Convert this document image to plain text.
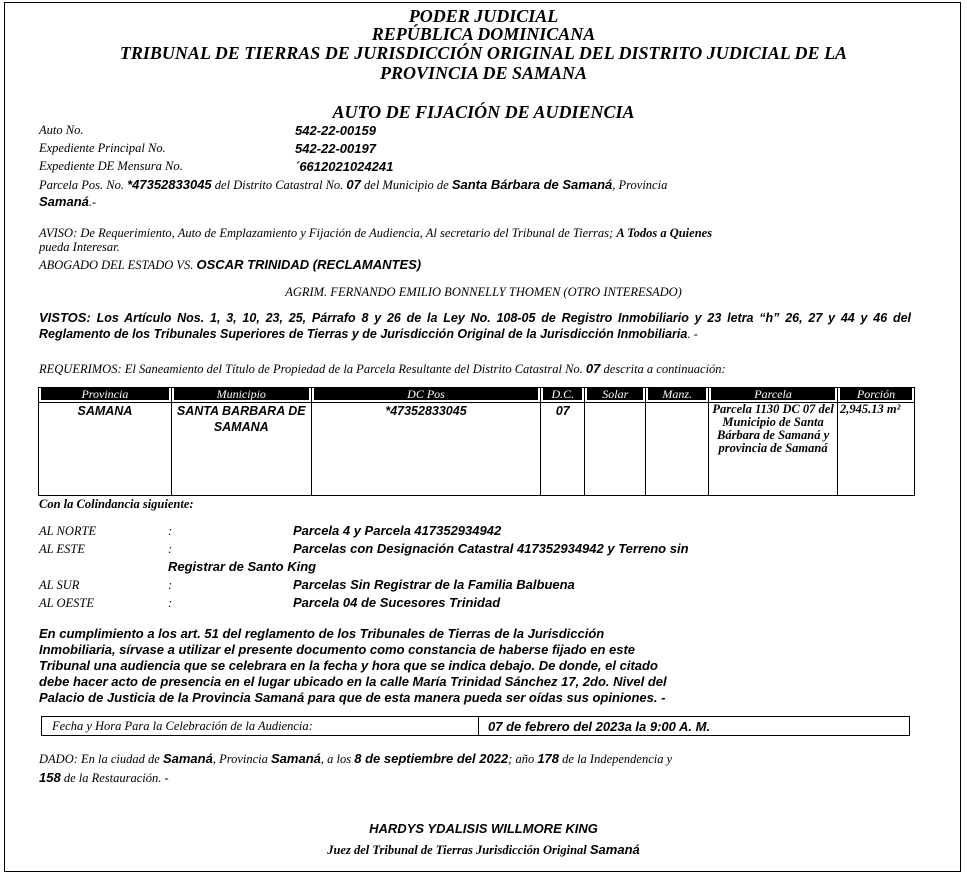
PODER JUDICIAL
REPÚBLICA DOMINICANA
TRIBUNAL DE TIERRAS DE JURISDICCIÓN ORIGINAL DEL DISTRITO JUDICIAL DE LA
PROVINCIA DE SAMANA
AUTO DE FIJACIÓN DE AUDIENCIA
Auto No.	542-22-00159
Expediente Principal No.	542-22-00197
Expediente DE Mensura No.	´6612021024241
Parcela Pos. No. *47352833045 del Distrito Catastral No. 07 del Municipio de Santa Bárbara de Samaná, Provincia
Samaná.-
AVISO: De Requerimiento, Auto de Emplazamiento y Fijación de Audiencia, Al secretario del Tribunal de Tierras; A Todos a Quienes
pueda Interesar.
ABOGADO DEL ESTADO VS. OSCAR TRINIDAD (RECLAMANTES)
AGRIM. FERNANDO EMILIO BONNELLY THOMEN (OTRO INTERESADO)
VISTOS: Los Artículo Nos. 1, 3, 10, 23, 25, Párrafo 8 y 26 de la Ley No. 108-05 de Registro Inmobiliario y 23 letra “h” 26, 27 y 44 y 46 del Reglamento de los Tribunales Superiores de Tierras y de Jurisdicción Original de la Jurisdicción Inmobiliaria. -
REQUERIMOS: El Saneamiento del Título de Propiedad de la Parcela Resultante del Distrito Catastral No. 07 descrita a continuación:
Provincia	Municipio	DC Pos	D.C.	Solar	Manz.	Parcela	Porción
SAMANA	SANTA BARBARA DE SAMANA	*47352833045	07			Parcela 1130 DC 07 del Municipio de Santa Bárbara de Samaná y provincia de Samaná	2,945.13 m²
Con la Colindancia siguiente:
AL NORTE	:	Parcela 4 y Parcela 417352934942
AL ESTE	:	Parcelas con Designación Catastral 417352934942 y Terreno sin
Registrar de Santo King
AL SUR	:	Parcelas Sin Registrar de la Familia Balbuena
AL OESTE	:	Parcela 04 de Sucesores Trinidad
En cumplimiento a los art. 51 del reglamento de los Tribunales de Tierras de la Jurisdicción
Inmobiliaria, sírvase a utilizar el presente documento como constancia de haberse fijado en este
Tribunal una audiencia que se celebrara en la fecha y hora que se indica debajo. De donde, el citado
debe hacer acto de presencia en el lugar ubicado en la calle María Trinidad Sánchez 17, 2do. Nivel del
Palacio de Justicia de la Provincia Samaná para que de esta manera pueda ser oídas sus opiniones. -
Fecha y Hora Para la Celebración de la Audiencia:	07 de febrero del 2023a la 9:00 A. M.
DADO: En la ciudad de Samaná, Provincia Samaná, a los 8 de septiembre del 2022; año 178 de la Independencia y
158 de la Restauración. -
HARDYS YDALISIS WILLMORE KING
Juez del Tribunal de Tierras Jurisdicción Original Samaná
